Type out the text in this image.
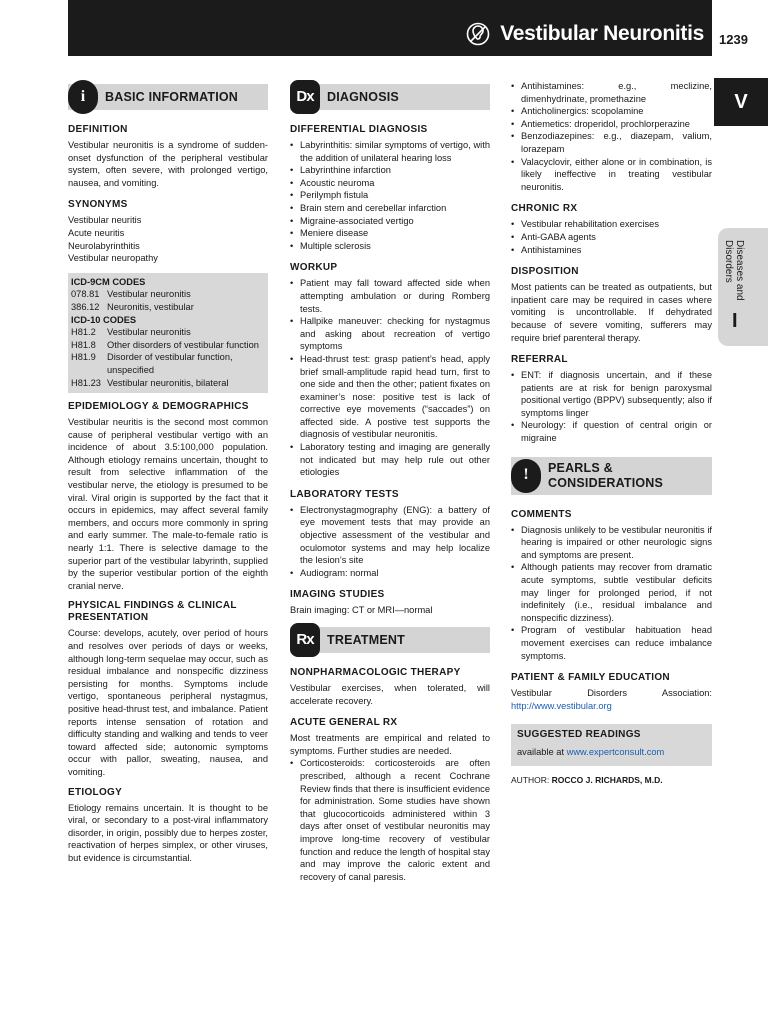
Vestibular Neuronitis 1239
V
Diseases and Disorders
I
i	BASIC INFORMATION
DEFINITION

Vestibular neuronitis is a syndrome of sudden-onset dysfunction of the peripheral vestibular system, often severe, with prolonged vertigo, nausea, and vomiting.

SYNONYMS
Vestibular neuritis
Acute neuritis
Neurolabyrinthitis
Vestibular neuropathy
ICD-9CM CODES
078.81 Vestibular neuronitis
386.12 Neuronitis, vestibular
ICD-10 CODES
H81.2	Vestibular neuronitis
H81.8	Other disorders of vestibular function
H81.9	Disorder of vestibular function, unspecified
H81.23 Vestibular neuronitis, bilateral
EPIDEMIOLOGY & DEMOGRAPHICS

Vestibular neuritis is the second most common cause of peripheral vestibular vertigo with an incidence of about 3.5:100,000 population. Although etiology remains uncertain, thought to result from selective inflammation of the vestibular nerve, the etiology is presumed to be viral. Viral origin is supported by the fact that it occurs in epidemics, may affect several family members, and occurs more commonly in spring and early summer. The male-to-female ratio is nearly 1:1. There is selective damage to the superior part of the vestibular labyrinth, supplied by the superior vestibular portion of the eighth cranial nerve.

PHYSICAL FINDINGS & CLINICAL PRESENTATION

Course: develops, acutely, over period of hours and resolves over periods of days or weeks, although long-term sequelae may occur, such as residual imbalance and nonspecific dizziness persisting for months. Symptoms include vertigo, spontaneous peripheral nystagmus, positive head-thrust test, and imbalance. Patient reports intense sensation of rotation and difficulty standing and walking and tends to veer toward affected side; autonomic symptoms occur with pallor, sweating, nausea, and vomiting.

ETIOLOGY

Etiology remains uncertain. It is thought to be viral, or secondary to a post-viral inflammatory disorder, in origin, possibly due to herpes zoster, reactivation of herpes simplex, or other viruses, but evidence is circumstantial.

Dx	DIAGNOSIS
DIFFERENTIAL DIAGNOSIS
• Labyrinthitis: similar symptoms of vertigo, with the addition of unilateral hearing loss
• Labyrinthine infarction
• Acoustic neuroma
• Perilymph fistula
• Brain stem and cerebellar infarction
• Migraine-associated vertigo
• Meniere disease
• Multiple sclerosis
WORKUP
• Patient may fall toward affected side when attempting ambulation or during Romberg tests.
• Hallpike maneuver: checking for nystagmus and asking about recreation of vertigo symptoms
• Head-thrust test: grasp patient’s head, apply brief small-amplitude rapid head turn, first to one side and then the other; patient fixates on examiner’s nose: positive test is lack of corrective eye movements (“saccades”) on affected side. A postive test supports the diagnosis of vestibular neuronitis.
• Laboratory testing and imaging are generally not indicated but may help rule out other etiologies
LABORATORY TESTS
• Electronystagmography (ENG): a battery of eye movement tests that may provide an objective assessment of the vestibular and oculomotor systems and may help localize the lesion’s site
• Audiogram: normal
IMAGING STUDIES

Brain imaging: CT or MRI—normal

Rx	TREATMENT
NONPHARMACOLOGIC THERAPY

Vestibular exercises, when tolerated, will accelerate recovery.

ACUTE GENERAL RX

Most treatments are empirical and related to symptoms. Further studies are needed.

• Corticosteroids: corticosteroids are often prescribed, although a recent Cochrane Review finds that there is insufficient evidence for administration. Some studies have shown that glucocorticoids administered within 3 days after onset of vestibular neuronitis may improve long-time recovery of vestibular function and reduce the length of hospital stay and may improve the caloric extent and recovery of canal paresis.
• Antihistamines: e.g., meclizine, dimenhydrinate, promethazine
• Anticholinergics: scopolamine
• Antiemetics: droperidol, prochlorperazine
• Benzodiazepines: e.g., diazepam, valium, lorazepam
• Valacyclovir, either alone or in combination, is likely ineffective in treating vestibular neuronitis.
CHRONIC RX
• Vestibular rehabilitation exercises
• Anti-GABA agents
• Antihistamines
DISPOSITION

Most patients can be treated as outpatients, but inpatient care may be required in cases where vomiting is uncontrollable. If dehydrated because of severe vomiting, sufferers may require brief parenteral therapy.

REFERRAL
• ENT: if diagnosis uncertain, and if these patients are at risk for benign paroxysmal positional vertigo (BPPV) subsequently; also if symptoms linger
• Neurology: if question of central origin or migraine
!	PEARLS & CONSIDERATIONS
COMMENTS
• Diagnosis unlikely to be vestibular neuronitis if hearing is impaired or other neurologic signs and symptoms are present.
• Although patients may recover from dramatic acute symptoms, subtle vestibular deficits may linger for prolonged period, if not indefinitely (i.e., residual imbalance and nonspecific dizziness).
• Program of vestibular habituation head movement exercises can reduce imbalance symptoms.
PATIENT & FAMILY EDUCATION

Vestibular Disorders Association: http://www.vestibular.org

SUGGESTED READINGS
available at www.expertconsult.com
AUTHOR: ROCCO J. RICHARDS, M.D.
